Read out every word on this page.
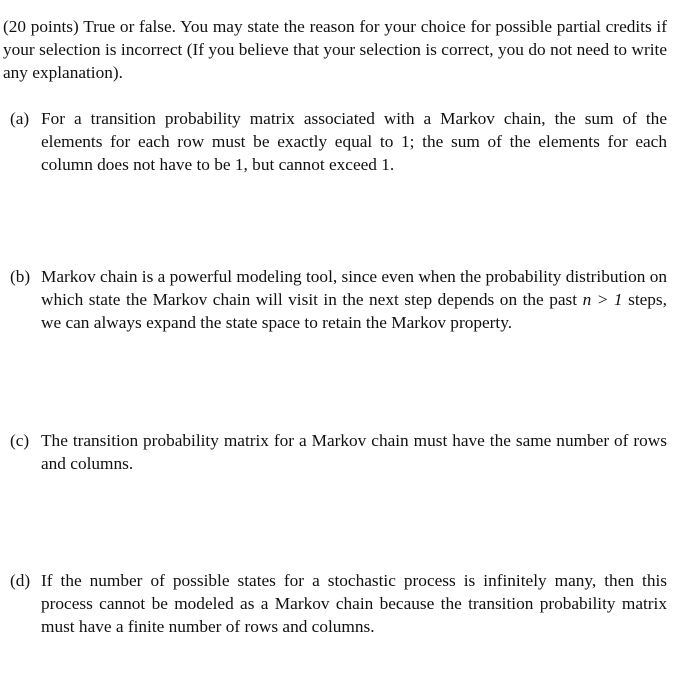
(20 points) True or false. You may state the reason for your choice for possible partial credits if your selection is incorrect (If you believe that your selection is correct, you do not need to write any explanation).

(a) For a transition probability matrix associated with a Markov chain, the sum of the elements for each row must be exactly equal to 1; the sum of the elements for each column does not have to be 1, but cannot exceed 1.

(b) Markov chain is a powerful modeling tool, since even when the probability distribution on which state the Markov chain will visit in the next step depends on the past n > 1 steps, we can always expand the state space to retain the Markov property.

(c) The transition probability matrix for a Markov chain must have the same number of rows and columns.

(d) If the number of possible states for a stochastic process is infinitely many, then this process cannot be modeled as a Markov chain because the transition probability matrix must have a finite number of rows and columns.
